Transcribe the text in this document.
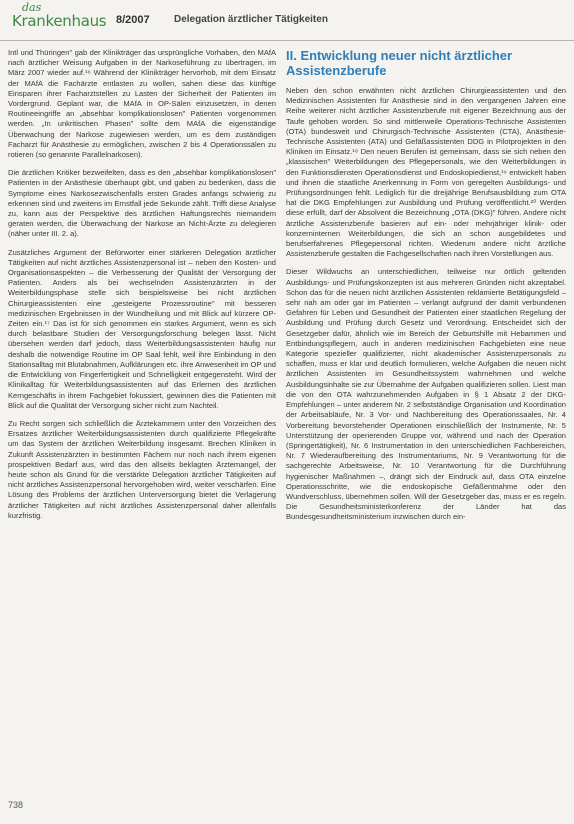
das
Krankenhaus 8/2007 Delegation ärztlicher Tätigkeiten

Intl und Thüringen" gab der Klinikträger das ursprüngliche Vorhaben, den MAfA nach ärztlicher Weisung Aufgaben in der Narkoseführung zu übertragen, im März 2007 wieder auf.¹⁶ Während der Klinikträger hervorhob, mit dem Einsatz der MAfA die Fachärzte entlasten zu wollen, sahen diese das künftige Einsparen ihrer Facharztstellen zu Lasten der Sicherheit der Patienten im Vordergrund. Geplant war, die MAfA in OP-Sälen einzusetzen, in denen Routineeingriffe an „absehbar komplikationslosen" Patienten vorgenommen werden. „In unkritischen Phasen" sollte dem MAfA die eigenständige Überwachung der Narkose zugewiesen werden, um es dem zuständigen Facharzt für Anästhesie zu ermöglichen, zwischen 2 bis 4 Operationssälen zu rotieren (so genannte Parallelnarkosen).

Die ärztlichen Kritiker bezweifelten, dass es den „absehbar komplikationslosen" Patienten in der Anästhesie überhaupt gibt, und gaben zu bedenken, dass die Symptome eines Narkosezwischenfalls ersten Grades anfangs schwierig zu erkennen sind und zweitens im Ernstfall jede Sekunde zählt. Trifft diese Analyse zu, kann aus der Perspektive des ärztlichen Haftungsrechts niemandem geraten werden, die Überwachung der Narkose an Nicht-Ärzte zu delegieren (näher unter III. 2. a).

Zusätzliches Argument der Befürworter einer stärkeren Delegation ärztlicher Tätigkeiten auf nicht ärztliches Assistenzpersonal ist – neben den Kosten- und Organisationsaspekten – die Verbesserung der Qualität der Versorgung der Patienten. Anders als bei wechselnden Assistenzärzten in der Weiterbildungsphase stelle sich beispielsweise bei nicht ärztlichen Chirurgieassistenten eine „gesteigerte Prozessroutine" mit besseren medizinischen Ergebnissen in der Wundheilung und mit Blick auf kürzere OP-Zeiten ein.¹⁷ Das ist für sich genommen ein starkes Argument, wenn es sich durch belastbare Studien der Versorgungsforschung belegen lässt. Nicht übersehen werden darf jedoch, dass Weiterbildungsassistenten häufig nur deshalb die notwendige Routine im OP Saal fehlt, weil ihre Einbindung in den Stationsalltag mit Blutabnahmen, Aufklärungen etc. ihre Anwesenheit im OP und die Entwicklung von Fingerfertigkeit und Schnelligkeit entgegensteht. Wird der Klinikalltag für Weiterbildungsassistenten auf das Erlernen des ärztlichen Kerngeschäfts in ihrem Fachgebiet fokussiert, gewinnen dies die Patienten mit Blick auf die Qualität der Versorgung sicher nicht zum Nachteil.

Zu Recht sorgen sich schließlich die Ärztekammern unter den Vorzeichen des Ersatzes ärztlicher Weiterbildungsassistenten durch qualifizierte Pflegekräfte um das System der ärztlichen Weiterbildung insgesamt. Brechen Kliniken in Zukunft Assistenzärzten in bestimmten Fächern nur noch nach ihrem eigenen prospektiven Bedarf aus, wird das den allseits beklagten Ärztemangel, der heute schon als Grund für die verstärkte Delegation ärztlicher Tätigkeiten auf nicht ärztliches Assistenzpersonal hervorgehoben wird, weiter verschärfen. Eine Lösung des Problems der ärztlichen Unterversorgung bietet die Verlagerung ärztlicher Tätigkeiten auf nicht ärztliches Assistenzpersonal daher allenfalls kurzfristig.

II. Entwicklung neuer nicht ärztlicher Assistenzberufe

Neben den schon erwähnten nicht ärztlichen Chirurgieassistenten und den Medizinischen Assistenten für Anästhesie sind in den vergangenen Jahren eine Reihe weiterer nicht ärztlicher Assistenzberufe mit eigener Bezeichnung aus der Taufe gehoben worden. So sind mittlerweile Operations-Technische Assistenten (OTA) bundesweit und Chirurgisch-Technische Assistenten (CTA), Anästhesie-Technische Assistenten (ATA) und Gefäßassistenten DDG in Pilotprojekten in den Kliniken im Einsatz.¹⁸ Den neuen Berufen ist gemeinsam, dass sie sich neben den „klassischen" Weiterbildungen des Pflegepersonals, wie den Weiterbildungen in den Funktionsdiensten Operationsdienst und Endoskopiedienst,¹⁹ entwickelt haben und ihnen die staatliche Anerkennung in Form von geregelten Ausbildungs- und Prüfungsordnungen fehlt. Lediglich für die dreijährige Berufsausbildung zum OTA hat die DKG Empfehlungen zur Ausbildung und Prüfung veröffentlicht.²⁰ Werden diese erfüllt, darf der Absolvent die Bezeichnung „OTA (DKG)" führen. Andere nicht ärztliche Assistenzberufe basieren auf ein- oder mehrjähriger klinik- oder konzerninternen Weiterbildungen, die sich an schon ausgebildetes und berufserfahrenes Pflegepersonal richten. Wiederum andere nicht ärztliche Assistenzberufe gestalten die Fachgesellschaften nach ihren Vorstellungen aus.

Dieser Wildwuchs an unterschiedlichen, teilweise nur örtlich geltenden Ausbildungs- und Prüfungskonzepten ist aus mehreren Gründen nicht akzeptabel. Schon das für die neuen nicht ärztlichen Assistenten reklamierte Betätigungsfeld – sehr nah am oder gar im Patienten – verlangt aufgrund der damit verbundenen Gefahren für Leben und Gesundheit der Patienten einer staatlichen Regelung der Ausbildung und Prüfung durch Gesetz und Verordnung. Entscheidet sich der Gesetzgeber dafür, ähnlich wie im Bereich der Geburtshilfe mit Hebammen und Entbindungspflegern, auch in anderen medizinischen Fachgebieten eine neue Kategorie spezieller qualifizierter, nicht akademischer Assistenzpersonals zu schaffen, muss er klar und deutlich formulieren, welche Aufgaben die neuen nicht ärztlichen Assistenten im Gesundheitssystem wahrnehmen und welche Ausbildungsinhalte sie zur Übernahme der Aufgaben qualifizieren sollen. Liest man die von den OTA wahrzunehmenden Aufgaben in § 1 Absatz 2 der DKG-Empfehlungen – unter anderem Nr. 2 selbstständige Organisation und Koordination der Arbeitsabläufe, Nr. 3 Vor- und Nachbereitung des Operationssaales, Nr. 4 Vorbereitung bevorstehender Operationen einschließlich der Instrumente, Nr. 5 Unterstützung der operierenden Gruppe vor, während und nach der Operation (Springertätigkeit), Nr. 6 Instrumentation in den unterschiedlichen Fachbereichen, Nr. 7 Wiederaufbereitung des Instrumentariums, Nr. 9 Verantwortung für die sachgerechte Arbeitsweise, Nr. 10 Verantwortung für die Durchführung hygienischer Maßnahmen –, drängt sich der Eindruck auf, dass OTA einzelne Operationsschritte, wie die endoskopische Gefäßentnahme oder den Wundverschluss, übernehmen sollen. Will der Gesetzgeber das, muss er es regeln. Die Gesundheitsministerkonferenz der Länder hat das Bundesgesundheitsministerium inzwischen durch ein-

738
